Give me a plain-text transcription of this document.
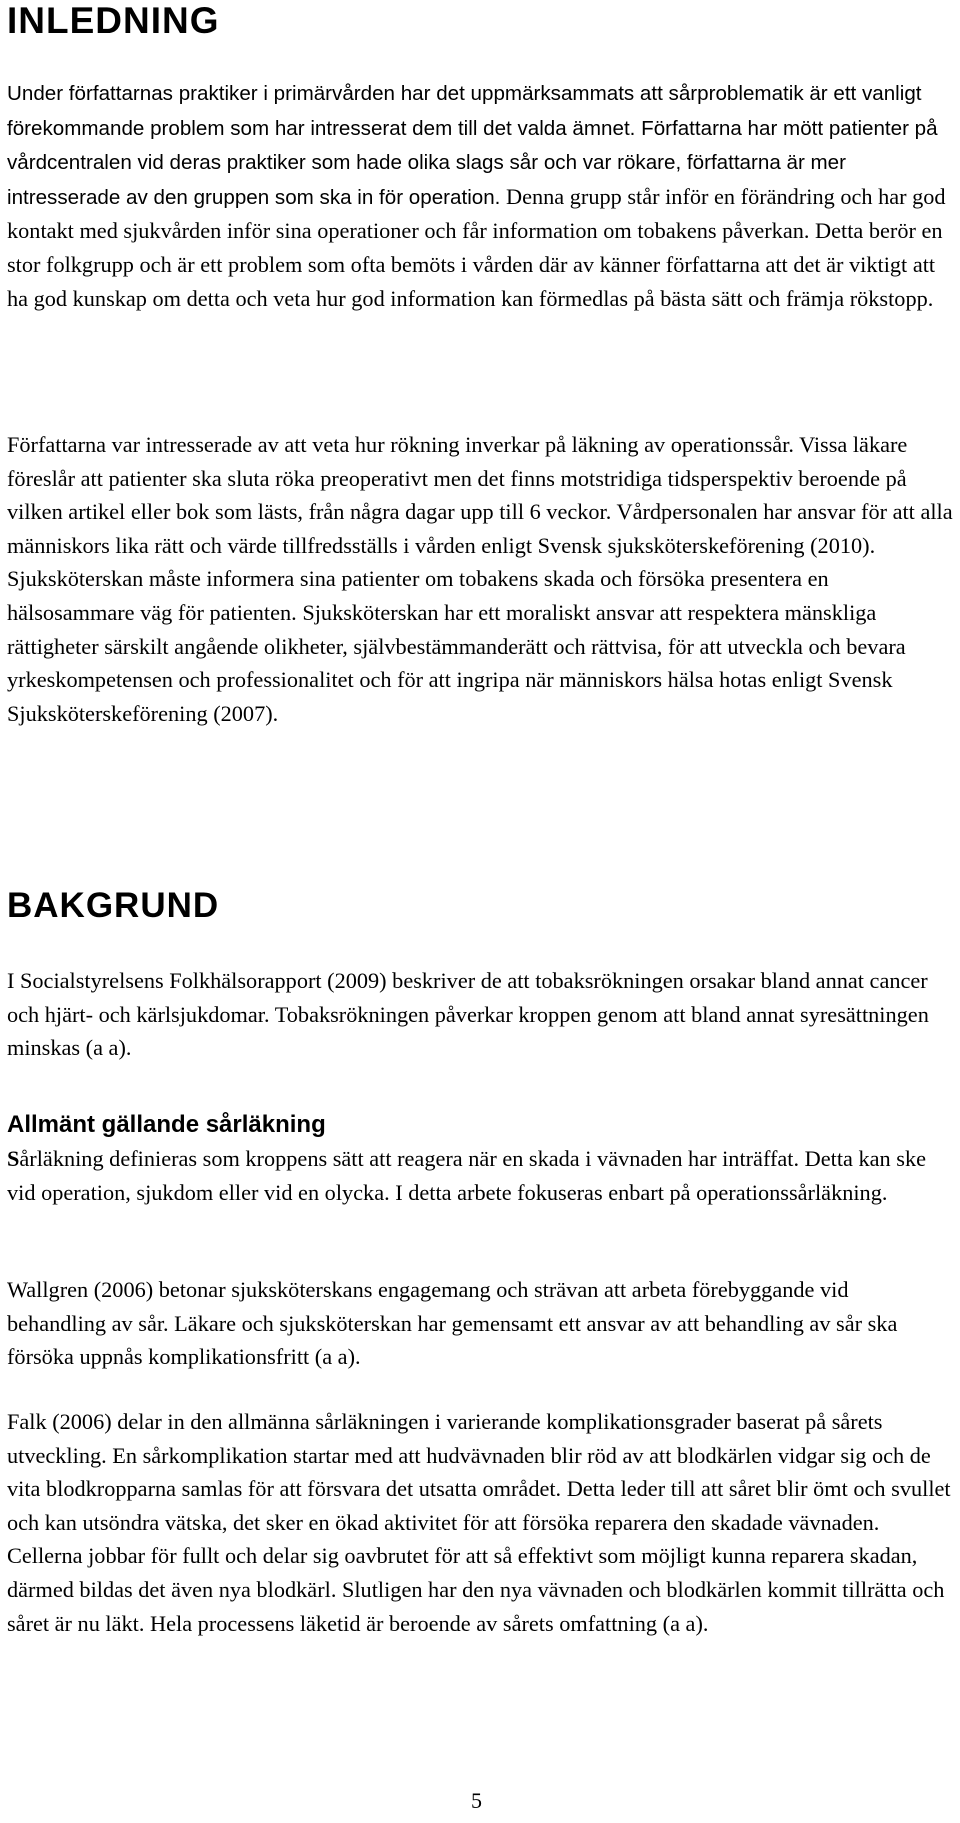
INLEDNING

Under författarnas praktiker i primärvården har det uppmärksammats att sårproblematik är ett vanligt förekommande problem som har intresserat dem till det valda ämnet. Författarna har mött patienter på vårdcentralen vid deras praktiker som hade olika slags sår och var rökare, författarna är mer intresserade av den gruppen som ska in för operation. Denna grupp står inför en förändring och har god kontakt med sjukvården inför sina operationer och får information om tobakens påverkan. Detta berör en stor folkgrupp och är ett problem som ofta bemöts i vården där av känner författarna att det är viktigt att ha god kunskap om detta och veta hur god information kan förmedlas på bästa sätt och främja rökstopp.

Författarna var intresserade av att veta hur rökning inverkar på läkning av operationssår. Vissa läkare föreslår att patienter ska sluta röka preoperativt men det finns motstridiga tidsperspektiv beroende på vilken artikel eller bok som lästs, från några dagar upp till 6 veckor. Vårdpersonalen har ansvar för att alla människors lika rätt och värde tillfredsställs i vården enligt Svensk sjuksköterskeförening (2010). Sjuksköterskan måste informera sina patienter om tobakens skada och försöka presentera en hälsosammare väg för patienten. Sjuksköterskan har ett moraliskt ansvar att respektera mänskliga rättigheter särskilt angående olikheter, självbestämmanderätt och rättvisa, för att utveckla och bevara yrkeskompetensen och professionalitet och för att ingripa när människors hälsa hotas enligt Svensk Sjuksköterskeförening (2007).

BAKGRUND

I Socialstyrelsens Folkhälsorapport (2009) beskriver de att tobaksrökningen orsakar bland annat cancer och hjärt- och kärlsjukdomar. Tobaksrökningen påverkar kroppen genom att bland annat syresättningen minskas (a a).

Allmänt gällande sårläkning

Sårläkning definieras som kroppens sätt att reagera när en skada i vävnaden har inträffat. Detta kan ske vid operation, sjukdom eller vid en olycka. I detta arbete fokuseras enbart på operationssårläkning.

Wallgren (2006) betonar sjuksköterskans engagemang och strävan att arbeta förebyggande vid behandling av sår. Läkare och sjuksköterskan har gemensamt ett ansvar av att behandling av sår ska försöka uppnås komplikationsfritt (a a).

Falk (2006) delar in den allmänna sårläkningen i varierande komplikationsgrader baserat på sårets utveckling. En sårkomplikation startar med att hudvävnaden blir röd av att blodkärlen vidgar sig och de vita blodkropparna samlas för att försvara det utsatta området. Detta leder till att såret blir ömt och svullet och kan utsöndra vätska, det sker en ökad aktivitet för att försöka reparera den skadade vävnaden. Cellerna jobbar för fullt och delar sig oavbrutet för att så effektivt som möjligt kunna reparera skadan, därmed bildas det även nya blodkärl. Slutligen har den nya vävnaden och blodkärlen kommit tillrätta och såret är nu läkt. Hela processens läketid är beroende av sårets omfattning (a a).

5
